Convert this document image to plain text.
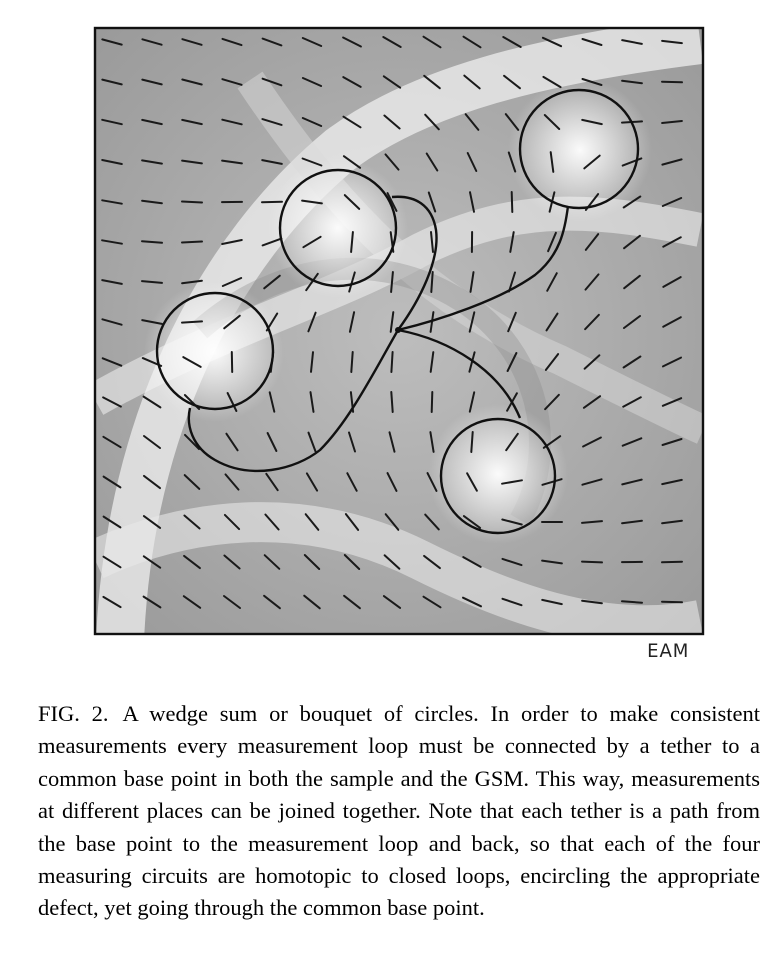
EAM
FIG. 2. A wedge sum or bouquet of circles. In order to make consistent measurements every measurement loop must be connected by a tether to a common base point in both the sample and the GSM. This way, measurements at different places can be joined together. Note that each tether is a path from the base point to the measurement loop and back, so that each of the four measuring circuits are homotopic to closed loops, encircling the appropriate defect, yet going through the common base point.
